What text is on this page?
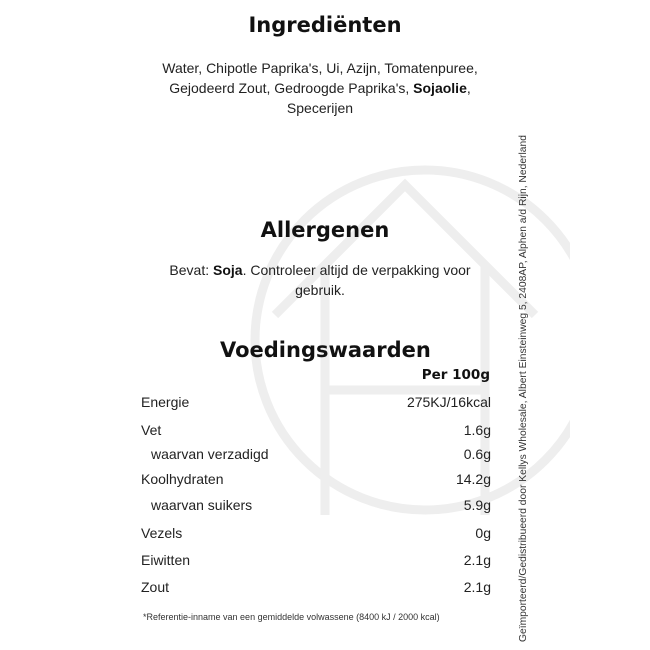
Ingrediënten
Water, Chipotle Paprika's, Ui, Azijn, Tomatenpuree,
Gejodeerd Zout, Gedroogde Paprika's, Sojaolie,
Specerijen
Allergenen
Bevat: Soja. Controleer altijd de verpakking voor
gebruik.
Voedingswaarden
Per 100g
Energie	275KJ/16kcal
Vet	1.6g
waarvan verzadigd	0.6g
Koolhydraten	14.2g
waarvan suikers	5.9g
Vezels	0g
Eiwitten	2.1g
Zout	2.1g
*Referentie-inname van een gemiddelde volwassene (8400 kJ / 2000 kcal)	Geïmporteerd/Gedistribueerd door Kellys Wholesale, Albert Einsteinweg 5, 2408AP, Alphen a/d Rijn, Nederland
